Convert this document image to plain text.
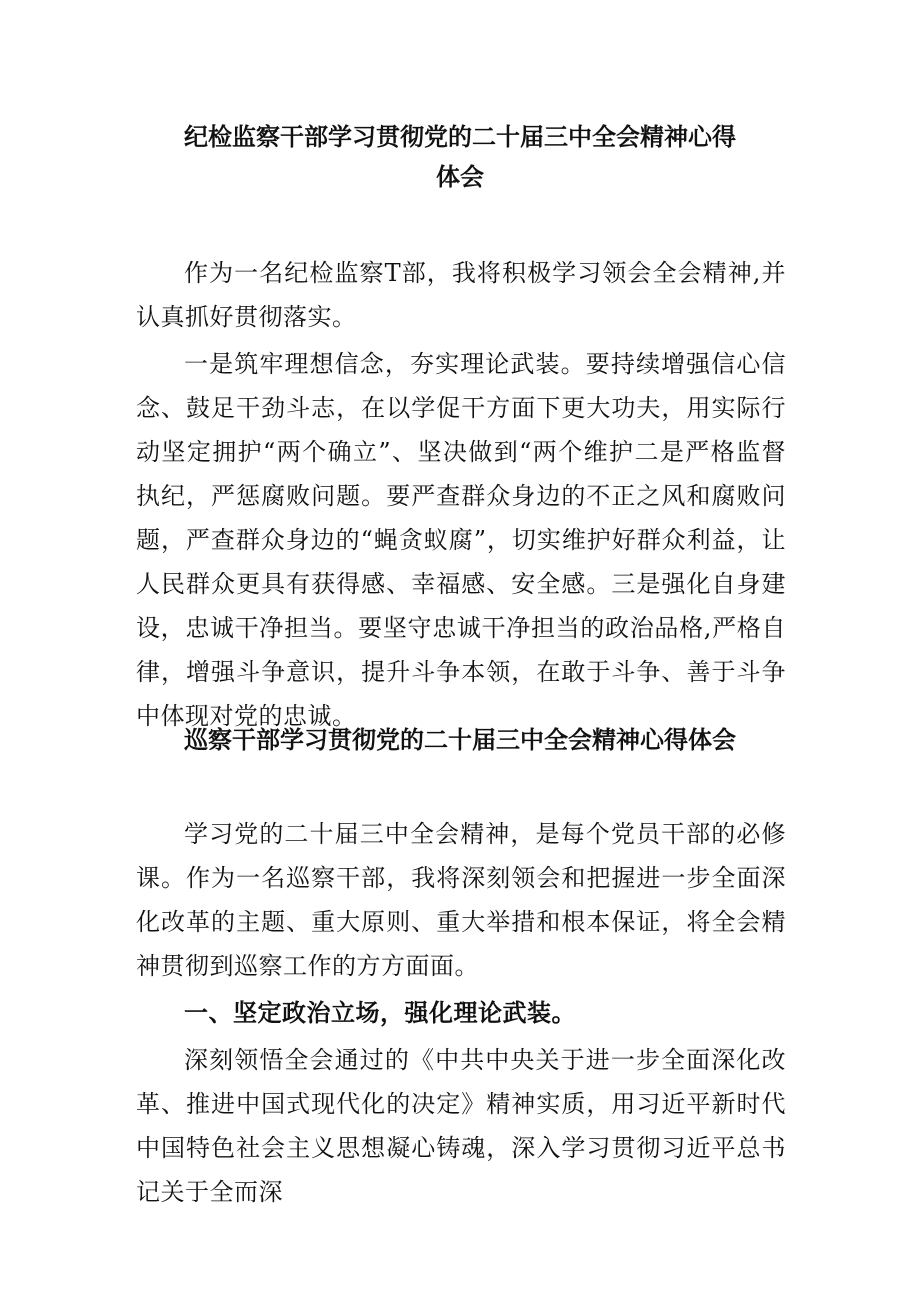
纪检监察干部学习贯彻党的二十届三中全会精神心得
体会

作为一名纪检监察T部，我将积极学习领会全会精神,并认真抓好贯彻落实。

一是筑牢理想信念，夯实理论武装。要持续增强信心信念、鼓足干劲斗志，在以学促干方面下更大功夫，用实际行动坚定拥护“两个确立”、坚决做到“两个维护二是严格监督执纪，严惩腐败问题。要严查群众身边的不正之风和腐败问题，严查群众身边的“蝇贪蚁腐”，切实维护好群众利益，让人民群众更具有获得感、幸福感、安全感。三是强化自身建设，忠诚干净担当。要坚守忠诚干净担当的政治品格,严格自律，增强斗争意识，提升斗争本领，在敢于斗争、善于斗争中体现对党的忠诚。

巡察干部学习贯彻党的二十届三中全会精神心得体会

学习党的二十届三中全会精神，是每个党员干部的必修课。作为一名巡察干部，我将深刻领会和把握进一步全面深化改革的主题、重大原则、重大举措和根本保证，将全会精神贯彻到巡察工作的方方面面。

一、坚定政治立场，强化理论武装。

深刻领悟全会通过的《中共中央关于进一步全面深化改革、推进中国式现代化的决定》精神实质，用习近平新时代中国特色社会主义思想凝心铸魂，深入学习贯彻习近平总书记关于全而深
